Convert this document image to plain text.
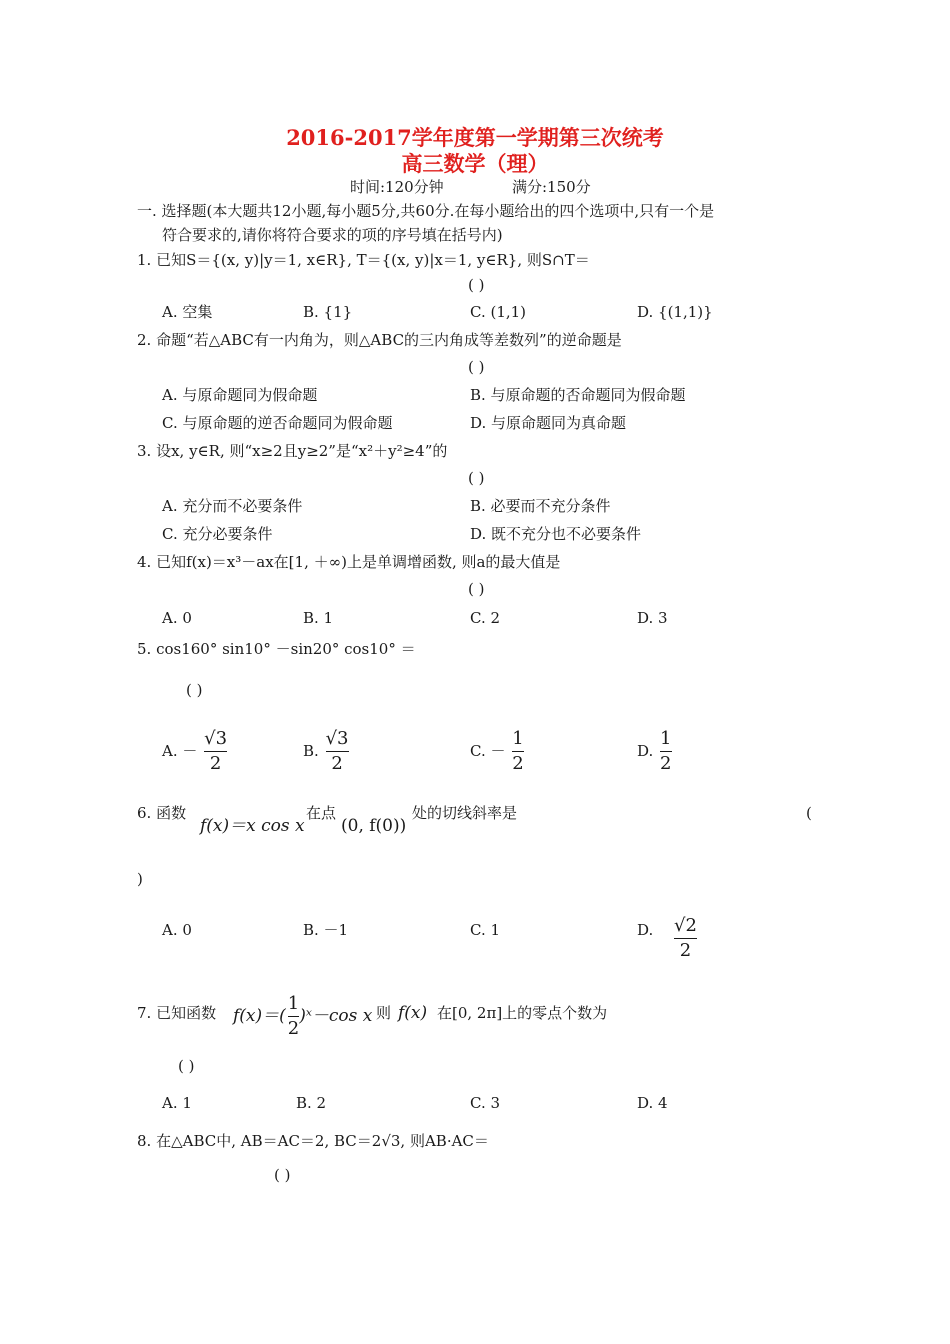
2016-2017学年度第一学期第三次统考
高三数学（理）
时间:120分钟	满分:150分
一. 选择题(本大题共12小题,每小题5分,共60分.在每小题给出的四个选项中,只有一个是
符合要求的,请你将符合要求的项的序号填在括号内)
1. 已知S＝{(x, y)|y＝1, x∈R}, T＝{(x, y)|x＝1, y∈R}, 则S∩T＝
( )
A. 空集	B. {1}	C. (1,1)	D. {(1,1)}
2. 命题“若△ABC有一内角为，则△ABC的三内角成等差数列”的逆命题是
( )
A. 与原命题同为假命题	B. 与原命题的否命题同为假命题
C. 与原命题的逆否命题同为假命题	D. 与原命题同为真命题
3. 设x, y∈R, 则“x≥2且y≥2”是“x²＋y²≥4”的
( )
A. 充分而不必要条件	B. 必要而不充分条件
C. 充分必要条件	D. 既不充分也不必要条件
4. 已知f(x)＝x³－ax在[1, ＋∞)上是单调增函数, 则a的最大值是
( )
A. 0	B. 1	C. 2	D. 3
5. cos160° sin10° －sin20° cos10° ＝
( )
A. － $\frac{√3}{2}$	B. $\frac{√3}{2}$	C. － $\frac{1}{2}$	D. $\frac{1}{2}$
6. 函数
f(x)＝x cos x
在点
(0, f(0))
处的切线斜率是	(
)
A. 0	B. －1	C. 1	D. $\frac{√2}{2}$
7. 已知函数 $f(x)=( \frac{1}{2}$ )ˣ－cos x 则 f(x) 在[0, 2π]上的零点个数为
( )
A. 1	B. 2	C. 3	D. 4
8. 在△ABC中, AB＝AC＝2, BC＝2√3, 则AB·AC＝
( )
